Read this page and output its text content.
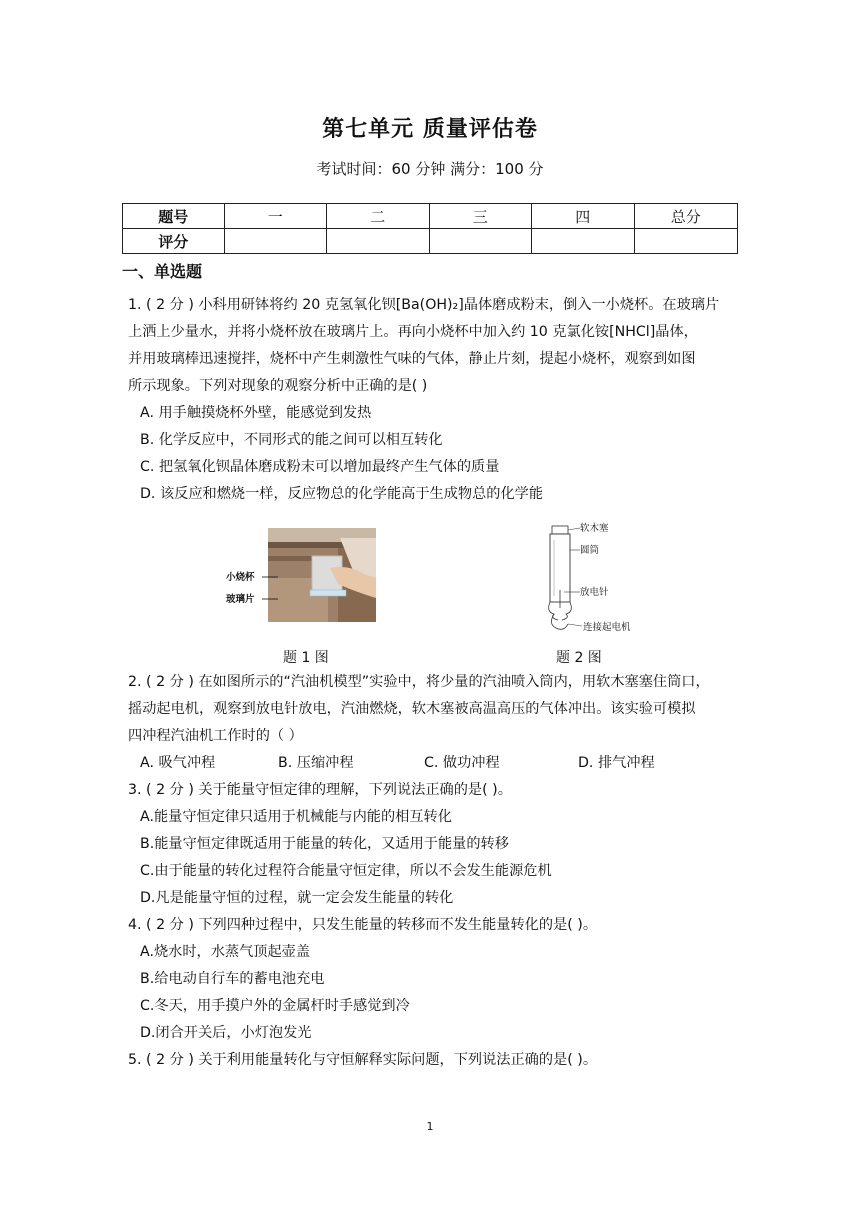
第七单元 质量评估卷
考试时间：60 分钟 满分：100 分
题号	一	二	三	四	总分
评分					
一、单选题
1. ( 2 分 ) 小科用研钵将约 20 克氢氧化钡[Ba(OH)₂]晶体磨成粉末，倒入一小烧杯。在玻璃片
上洒上少量水，并将小烧杯放在玻璃片上。再向小烧杯中加入约 10 克氯化铵[NHCl]晶体，
并用玻璃棒迅速搅拌，烧杯中产生刺激性气味的气体，静止片刻，提起小烧杯，观察到如图
所示现象。下列对现象的观察分析中正确的是( )
A. 用手触摸烧杯外壁，能感觉到发热
B. 化学反应中，不同形式的能之间可以相互转化
C. 把氢氧化钡晶体磨成粉末可以增加最终产生气体的质量
D. 该反应和燃烧一样，反应物总的化学能高于生成物总的化学能
小烧杯
玻璃片
软木塞
圆筒
放电针
连接起电机
题 1 图	题 2 图
2. ( 2 分 ) 在如图所示的“汽油机模型”实验中，将少量的汽油喷入筒内，用软木塞塞住筒口，
摇动起电机，观察到放电针放电，汽油燃烧，软木塞被高温高压的气体冲出。该实验可模拟
四冲程汽油机工作时的（ ）
A. 吸气冲程	B. 压缩冲程	C. 做功冲程	D. 排气冲程
3. ( 2 分 ) 关于能量守恒定律的理解，下列说法正确的是( )。
A.能量守恒定律只适用于机械能与内能的相互转化
B.能量守恒定律既适用于能量的转化，又适用于能量的转移
C.由于能量的转化过程符合能量守恒定律，所以不会发生能源危机
D.凡是能量守恒的过程，就一定会发生能量的转化
4. ( 2 分 ) 下列四种过程中，只发生能量的转移而不发生能量转化的是( )。
A.烧水时，水蒸气顶起壶盖
B.给电动自行车的蓄电池充电
C.冬天，用手摸户外的金属杆时手感觉到冷
D.闭合开关后，小灯泡发光
5. ( 2 分 ) 关于利用能量转化与守恒解释实际问题，下列说法正确的是( )。
1
